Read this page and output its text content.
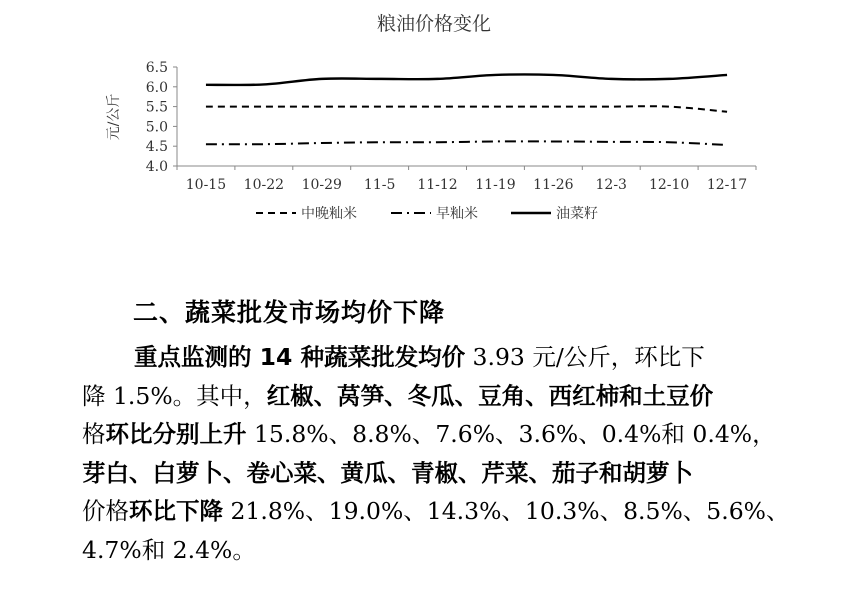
粮油价格变化
元/公斤
6.5
6.0
5.5
5.0
4.5
4.0
10-15 10-22 10-29 11-5 11-12 11-19 11-26 12-3 12-10 12-17
中晚籼米	早籼米	油菜籽
二、蔬菜批发市场均价下降
重点监测的 14 种蔬菜批发均价 3.93 元/公斤，环比下
降 1.5%。其中，红椒、莴笋、冬瓜、豆角、西红柿和土豆价
格环比分别上升 15.8%、8.8%、7.6%、3.6%、0.4%和 0.4%，
芽白、白萝卜、卷心菜、黄瓜、青椒、芹菜、茄子和胡萝卜
价格环比下降 21.8%、19.0%、14.3%、10.3%、8.5%、5.6%、
4.7%和 2.4%。
